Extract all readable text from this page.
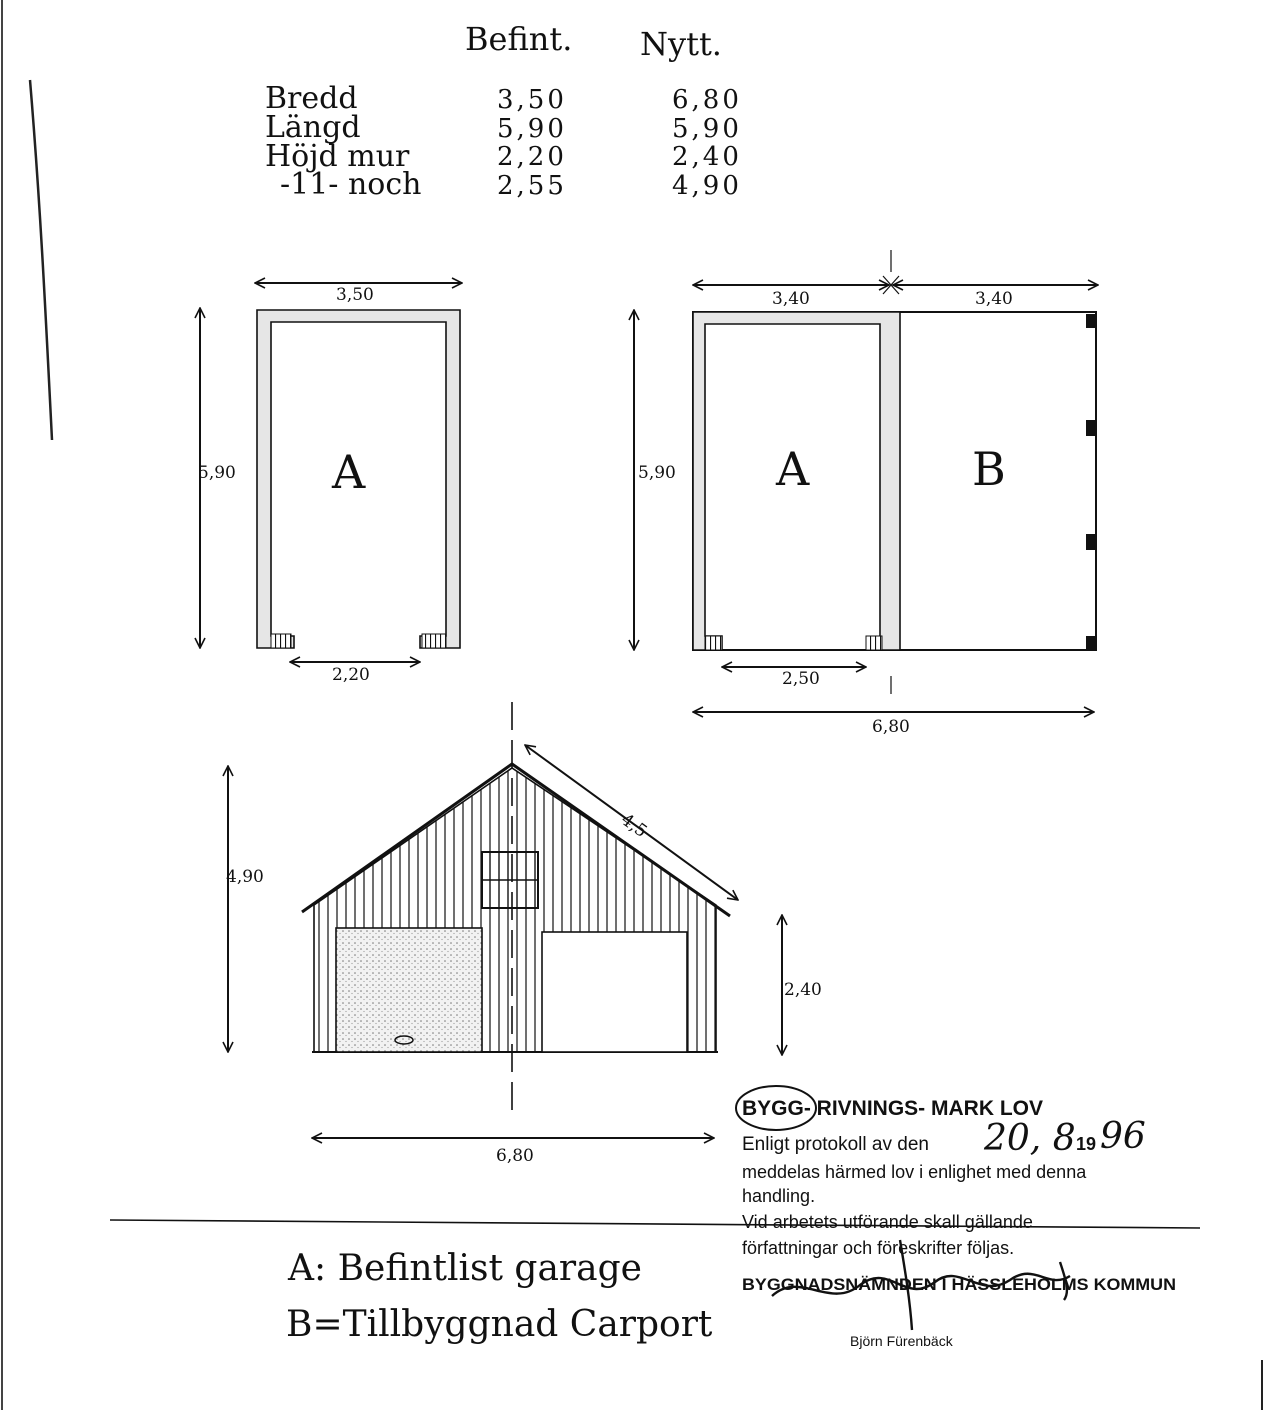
Befint. Nytt.
Bredd
Längd
Höjd mur
-11- noch
3,50
5,90
2,20
2,55
6,80
5,90
2,40
4,90
A
3,50
5,90
2,20
A	B
3,40	3,40
5,90
2,50
6,80
4,90
4,5
2,40
6,80
A: Befintlist garage
B=Tillbyggnad Carport
BYGG- RIVNINGS- MARK LOV
Enligt protokoll av den 20, 8 19 96
meddelas härmed lov i enlighet med denna
handling.
Vid arbetets utförande skall gällande
författningar och föreskrifter följas.
BYGGNADSNÄMNDEN I HÄSSLEHOLMS KOMMUN
Björn Fürenbäck
